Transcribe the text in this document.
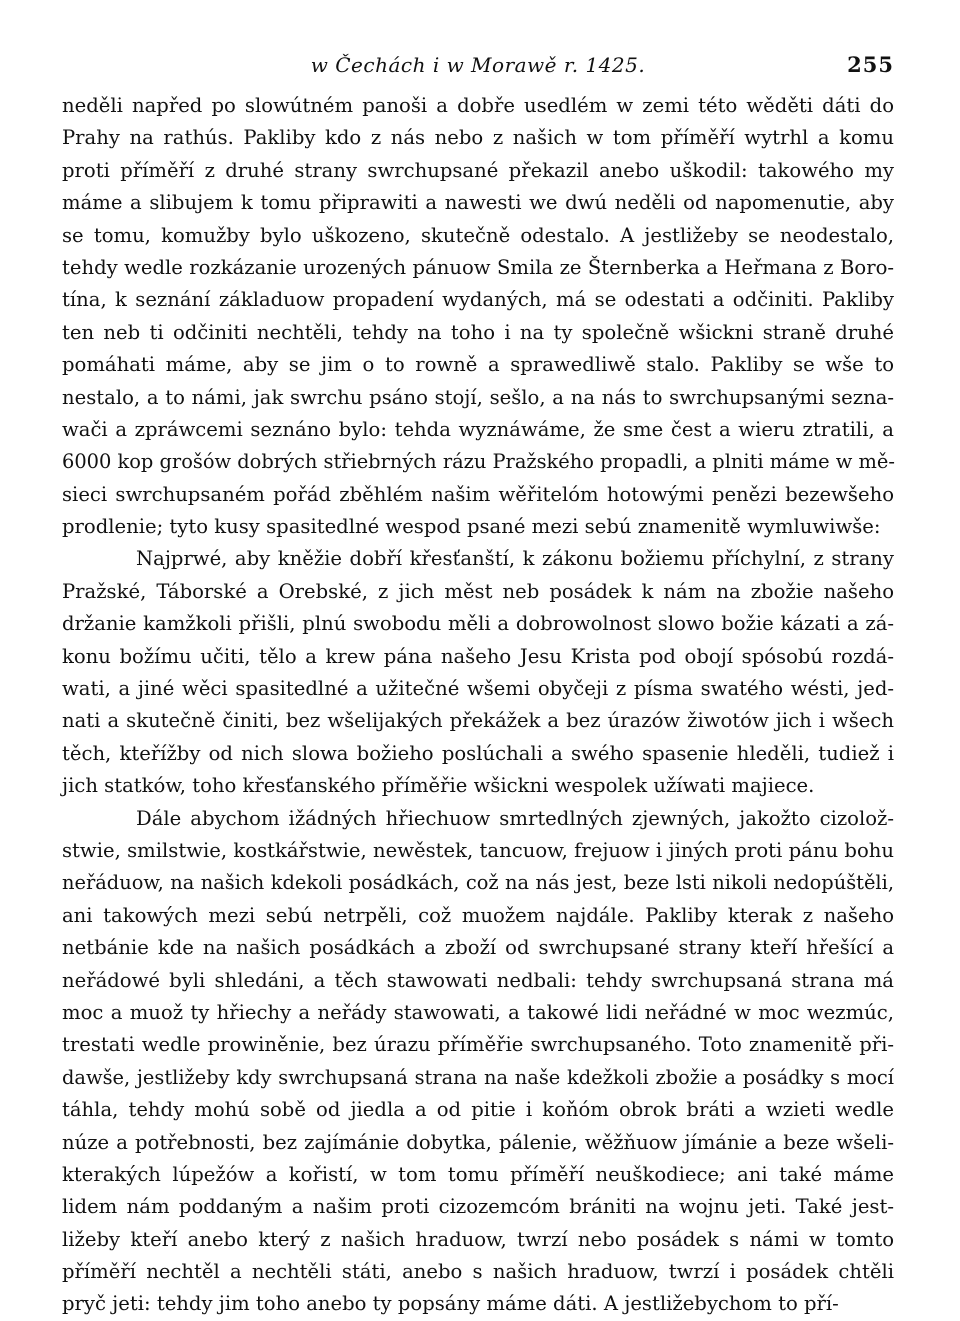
w Čechách i w Morawě r. 1425.	255
neděli napřed po slowútném panoši a dobře usedlém w zemi této wěděti dáti do
Prahy na rathús. Pakliby kdo z nás nebo z našich w tom příměří wytrhl a komu
proti příměří z druhé strany swrchupsané překazil anebo uškodil: takowého my
máme a slibujem k tomu připrawiti a nawesti we dwú neděli od napomenutie, aby
se tomu, komužby bylo uškozeno, skutečně odestalo. A jestližeby se neodestalo,
tehdy wedle rozkázanie urozených pánuow Smila ze Šternberka a Heřmana z Boro-
tína, k seznání základuow propadení wydaných, má se odestati a odčiniti. Pakliby
ten neb ti odčiniti nechtěli, tehdy na toho i na ty společně wšickni straně druhé
pomáhati máme, aby se jim o to rowně a sprawedliwě stalo. Pakliby se wše to
nestalo, a to námi, jak swrchu psáno stojí, sešlo, a na nás to swrchupsanými sezna-
wači a zpráwcemi seznáno bylo: tehda wyznáwáme, že sme čest a wieru ztratili, a
6000 kop grošów dobrých střiebrných rázu Pražského propadli, a plniti máme w mě-
sieci swrchupsaném pořád zběhlém našim wěřitelóm hotowými penězi bezewšeho
prodlenie; tyto kusy spasitedlné wespod psané mezi sebú znamenitě wymluwiwše:
Najprwé, aby kněžie dobří křesťanští, k zákonu božiemu příchylní, z strany
Pražské, Táborské a Orebské, z jich měst neb posádek k nám na zbožie našeho
držanie kamžkoli přišli, plnú swobodu měli a dobrowolnost slowo božie kázati a zá-
konu božímu učiti, tělo a krew pána našeho Jesu Krista pod obojí spósobú rozdá-
wati, a jiné wěci spasitedlné a užitečné wšemi obyčeji z písma swatého wésti, jed-
nati a skutečně činiti, bez wšelijakých překážek a bez úrazów žiwotów jich i wšech
těch, kteřížby od nich slowa božieho poslúchali a swého spasenie hleděli, tudiež i
jich statków, toho křesťanského příměřie wšickni wespolek užíwati majiece.
Dále abychom ižádných hřiechuow smrtedlných zjewných, jakožto cizolož-
stwie, smilstwie, kostkářstwie, newěstek, tancuow, frejuow i jiných proti pánu bohu
neřáduow, na našich kdekoli posádkách, což na nás jest, beze lsti nikoli nedopúštěli,
ani takowých mezi sebú netrpěli, což muožem najdále. Pakliby kterak z našeho
netbánie kde na našich posádkách a zboží od swrchupsané strany kteří hřešící a
neřádowé byli shledáni, a těch stawowati nedbali: tehdy swrchupsaná strana má
moc a muož ty hřiechy a neřády stawowati, a takowé lidi neřádné w moc wezmúc,
trestati wedle prowiněnie, bez úrazu příměřie swrchupsaného. Toto znamenitě při-
dawše, jestližeby kdy swrchupsaná strana na naše kdežkoli zbožie a posádky s mocí
táhla, tehdy mohú sobě od jiedla a od pitie i koňóm obrok bráti a wzieti wedle
núze a potřebnosti, bez zajímánie dobytka, pálenie, wěžňuow jímánie a beze wšeli-
kterakých lúpežów a kořistí, w tom tomu příměří neuškodiece; ani také máme
lidem nám poddaným a našim proti cizozemcóm brániti na wojnu jeti. Také jest-
ližeby kteří anebo který z našich hraduow, twrzí nebo posádek s námi w tomto
příměří nechtěl a nechtěli státi, anebo s našich hraduow, twrzí i posádek chtěli
pryč jeti: tehdy jim toho anebo ty popsány máme dáti. A jestližebychom to pří-
